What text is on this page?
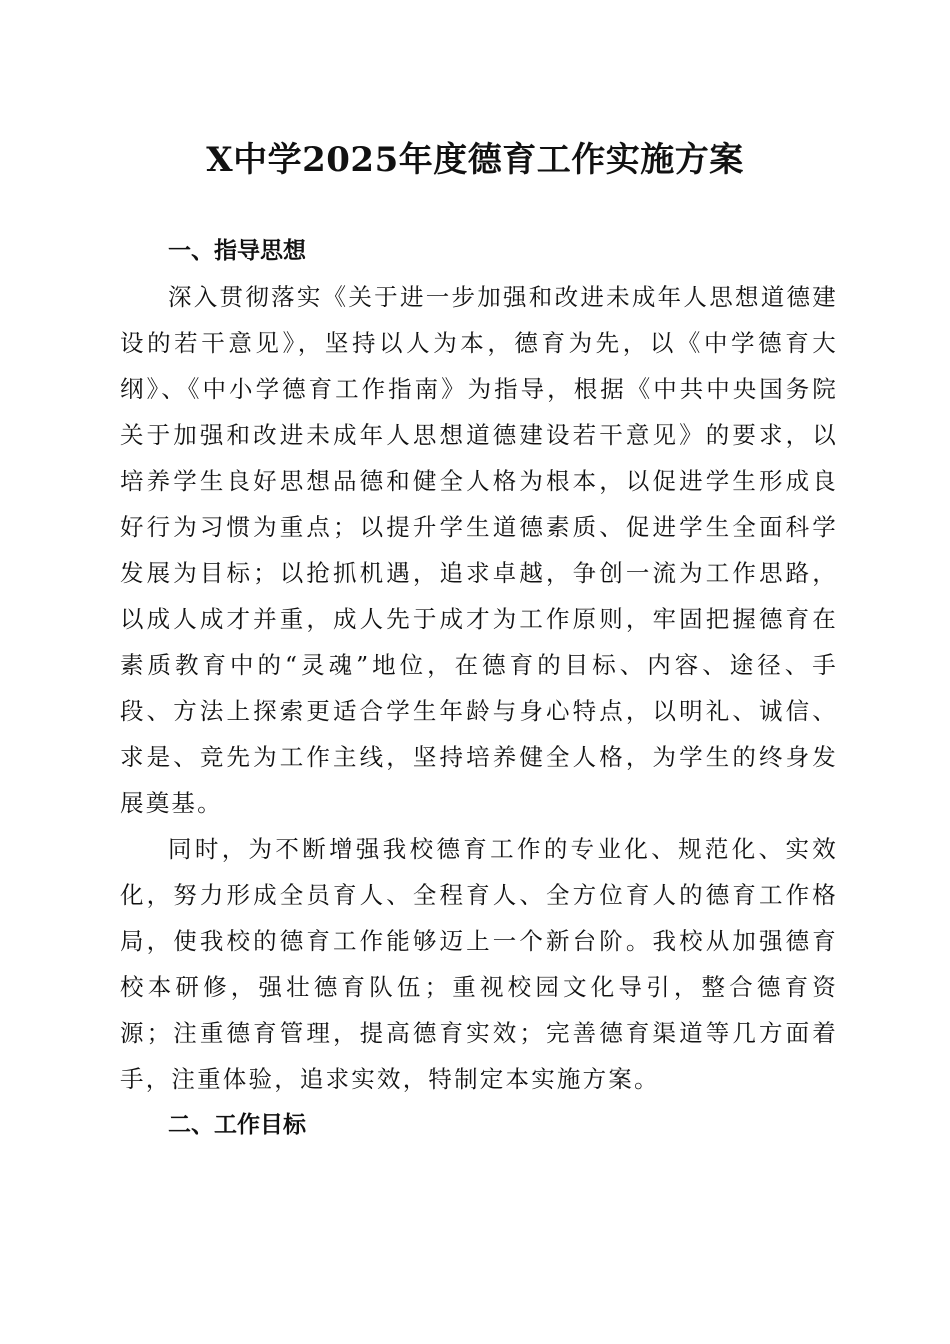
X中学2025年度德育工作实施方案
一、指导思想

深入贯彻落实《关于进一步加强和改进未成年人思想道德建设的若干意见》，坚持以人为本，德育为先，以《中学德育大纲》、《中小学德育工作指南》为指导，根据《中共中央国务院关于加强和改进未成年人思想道德建设若干意见》的要求，以培养学生良好思想品德和健全人格为根本，以促进学生形成良好行为习惯为重点；以提升学生道德素质、促进学生全面科学发展为目标；以抢抓机遇，追求卓越，争创一流为工作思路，以成人成才并重，成人先于成才为工作原则，牢固把握德育在素质教育中的“灵魂”地位，在德育的目标、内容、途径、手段、方法上探索更适合学生年龄与身心特点，以明礼、诚信、求是、竞先为工作主线，坚持培养健全人格，为学生的终身发展奠基。

同时，为不断增强我校德育工作的专业化、规范化、实效化，努力形成全员育人、全程育人、全方位育人的德育工作格局，使我校的德育工作能够迈上一个新台阶。我校从加强德育校本研修，强壮德育队伍；重视校园文化导引，整合德育资源；注重德育管理，提高德育实效；完善德育渠道等几方面着手，注重体验，追求实效，特制定本实施方案。

二、工作目标
